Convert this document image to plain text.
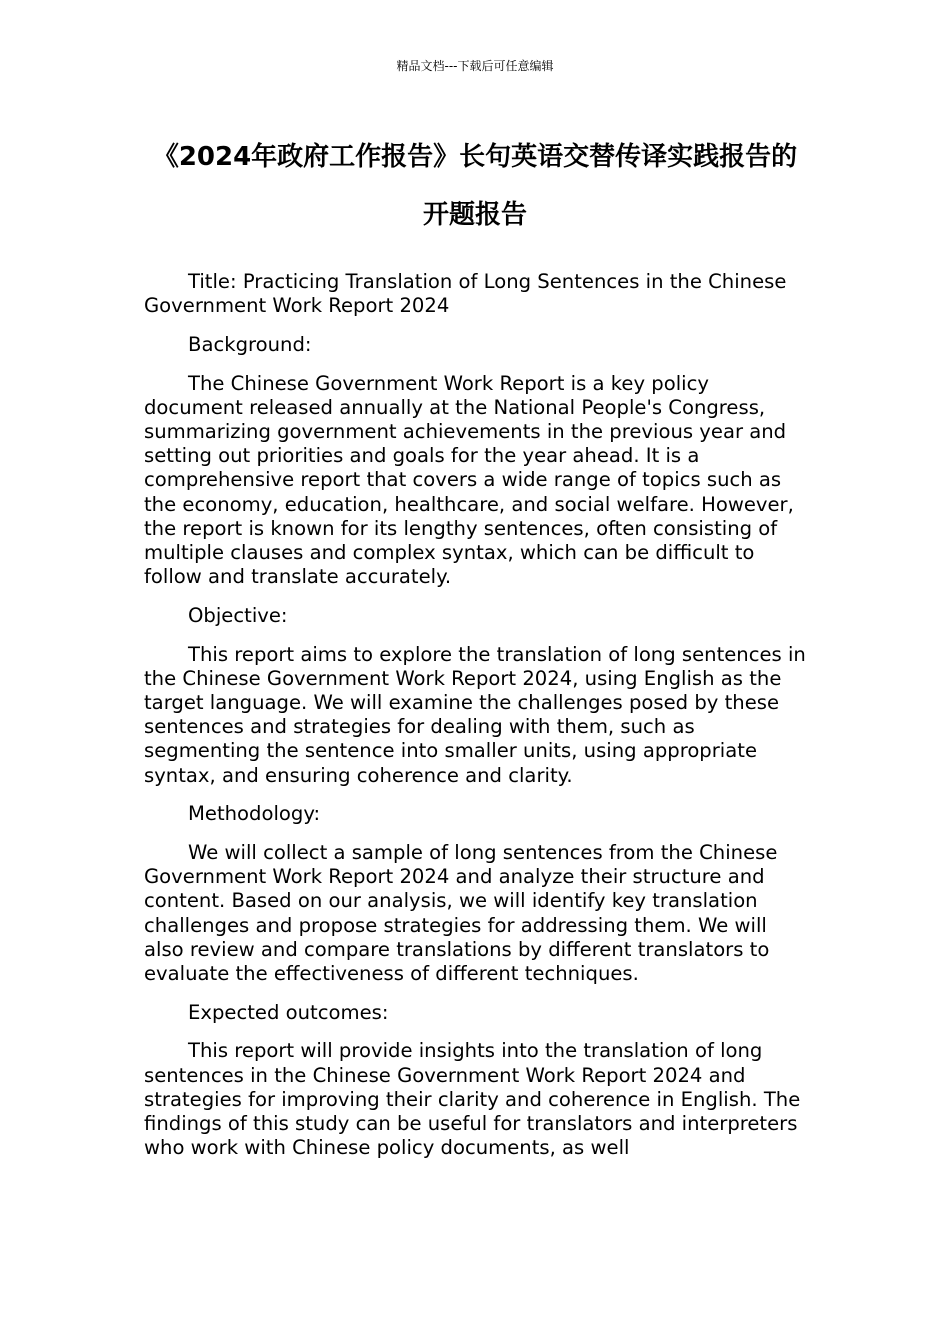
精品文档---下载后可任意编辑
《2024年政府工作报告》长句英语交替传译实践报告的开题报告

Title: Practicing Translation of Long Sentences in the Chinese Government Work Report 2024

Background:

The Chinese Government Work Report is a key policy document released annually at the National People's Congress, summarizing government achievements in the previous year and setting out priorities and goals for the year ahead. It is a comprehensive report that covers a wide range of topics such as the economy, education, healthcare, and social welfare. However, the report is known for its lengthy sentences, often consisting of multiple clauses and complex syntax, which can be difficult to follow and translate accurately.

Objective:

This report aims to explore the translation of long sentences in the Chinese Government Work Report 2024, using English as the target language. We will examine the challenges posed by these sentences and strategies for dealing with them, such as segmenting the sentence into smaller units, using appropriate syntax, and ensuring coherence and clarity.

Methodology:

We will collect a sample of long sentences from the Chinese Government Work Report 2024 and analyze their structure and content. Based on our analysis, we will identify key translation challenges and propose strategies for addressing them. We will also review and compare translations by different translators to evaluate the effectiveness of different techniques.

Expected outcomes:

This report will provide insights into the translation of long sentences in the Chinese Government Work Report 2024 and strategies for improving their clarity and coherence in English. The findings of this study can be useful for translators and interpreters who work with Chinese policy documents, as well
